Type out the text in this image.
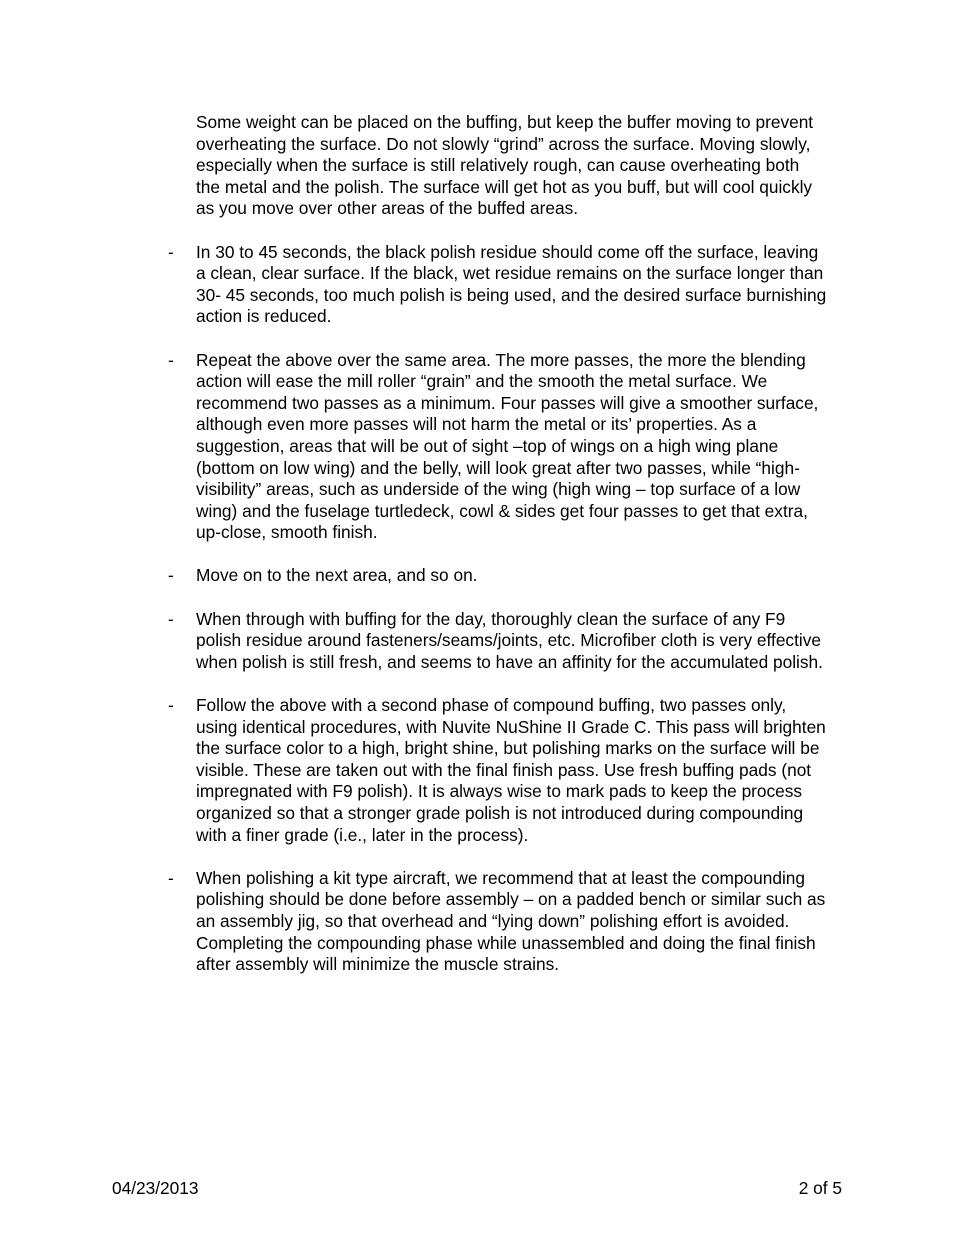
Some weight can be placed on the buffing, but keep the buffer moving to prevent overheating the surface. Do not slowly “grind” across the surface. Moving slowly, especially when the surface is still relatively rough, can cause overheating both the metal and the polish. The surface will get hot as you buff, but will cool quickly as you move over other areas of the buffed areas.
- In 30 to 45 seconds, the black polish residue should come off the surface, leaving a clean, clear surface. If the black, wet residue remains on the surface longer than 30- 45 seconds, too much polish is being used, and the desired surface burnishing action is reduced.
- Repeat the above over the same area. The more passes, the more the blending action will ease the mill roller “grain” and the smooth the metal surface. We recommend two passes as a minimum. Four passes will give a smoother surface, although even more passes will not harm the metal or its’ properties. As a suggestion, areas that will be out of sight –top of wings on a high wing plane (bottom on low wing) and the belly, will look great after two passes, while “high-visibility” areas, such as underside of the wing (high wing – top surface of a low wing) and the fuselage turtledeck, cowl & sides get four passes to get that extra, up-close, smooth finish.
- Move on to the next area, and so on.
- When through with buffing for the day, thoroughly clean the surface of any F9 polish residue around fasteners/seams/joints, etc. Microfiber cloth is very effective when polish is still fresh, and seems to have an affinity for the accumulated polish.
- Follow the above with a second phase of compound buffing, two passes only, using identical procedures, with Nuvite NuShine II Grade C. This pass will brighten the surface color to a high, bright shine, but polishing marks on the surface will be visible. These are taken out with the final finish pass. Use fresh buffing pads (not impregnated with F9 polish). It is always wise to mark pads to keep the process organized so that a stronger grade polish is not introduced during compounding with a finer grade (i.e., later in the process).
- When polishing a kit type aircraft, we recommend that at least the compounding polishing should be done before assembly – on a padded bench or similar such as an assembly jig, so that overhead and “lying down” polishing effort is avoided. Completing the compounding phase while unassembled and doing the final finish after assembly will minimize the muscle strains.
04/23/2013	2 of 5
